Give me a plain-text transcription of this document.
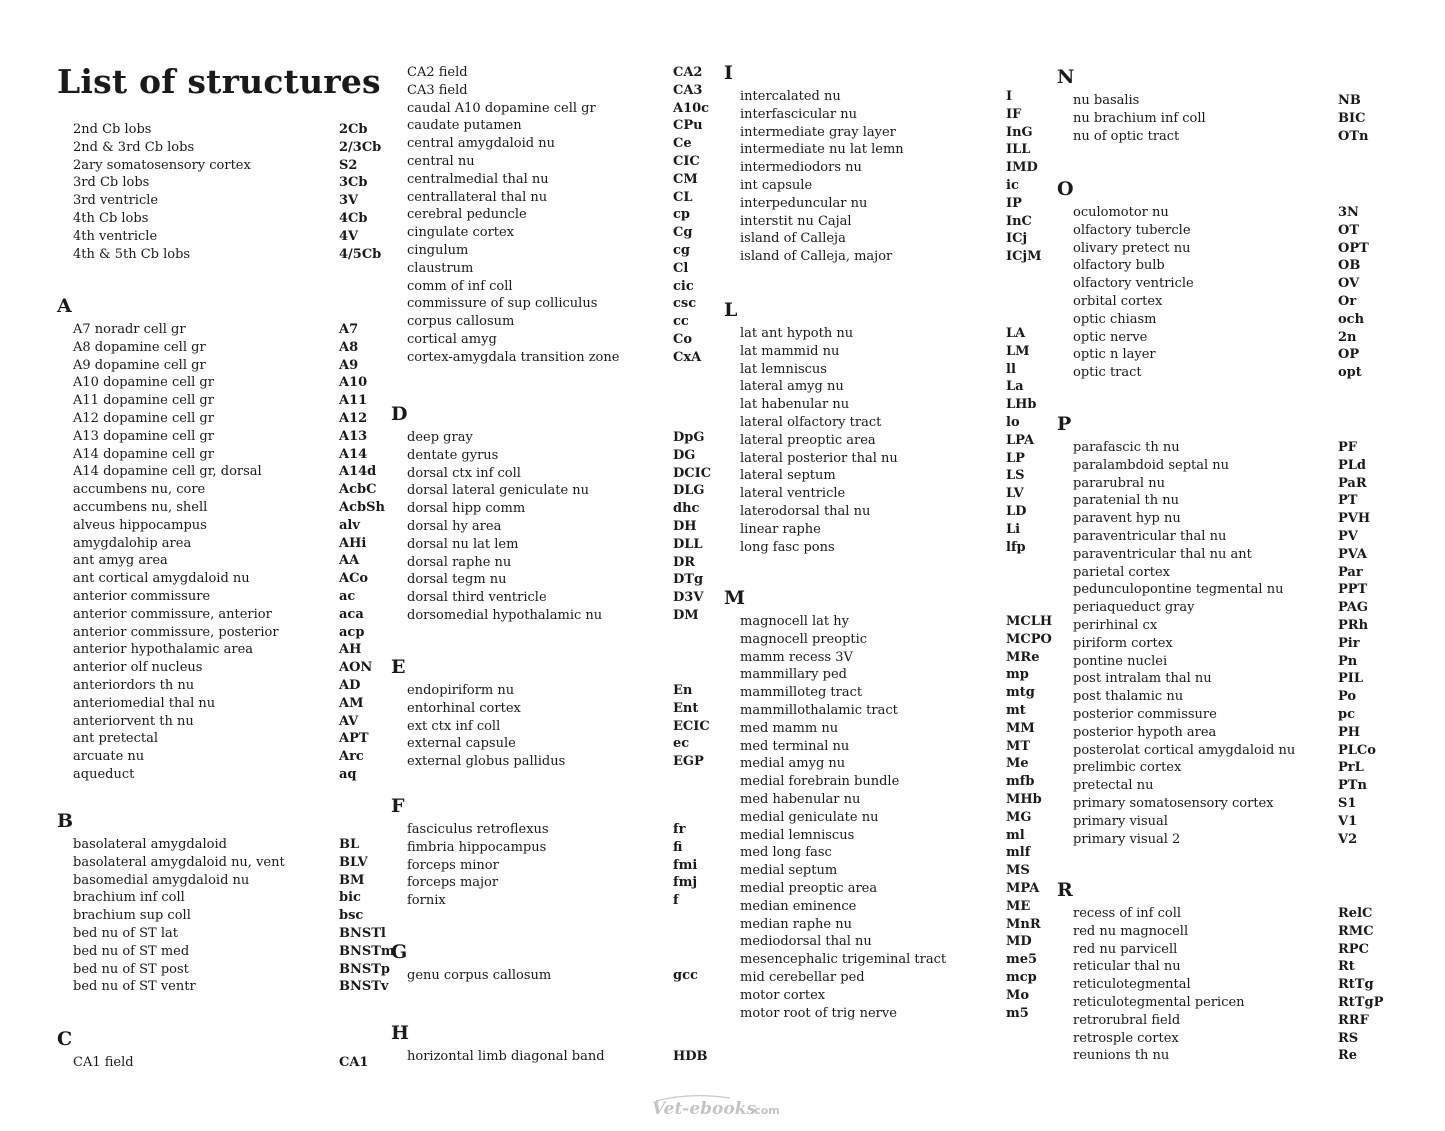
List of structures
2nd Cb lobs	2Cb
2nd & 3rd Cb lobs	2/3Cb
2ary somatosensory cortex	S2
3rd Cb lobs	3Cb
3rd ventricle	3V
4th Cb lobs	4Cb
4th ventricle	4V
4th & 5th Cb lobs	4/5Cb
A
A7 noradr cell gr	A7
A8 dopamine cell gr	A8
A9 dopamine cell gr	A9
A10 dopamine cell gr	A10
A11 dopamine cell gr	A11
A12 dopamine cell gr	A12
A13 dopamine cell gr	A13
A14 dopamine cell gr	A14
A14 dopamine cell gr, dorsal	A14d
accumbens nu, core	AcbC
accumbens nu, shell	AcbSh
alveus hippocampus	alv
amygdalohip area	AHi
ant amyg area	AA
ant cortical amygdaloid nu	ACo
anterior commissure	ac
anterior commissure, anterior	aca
anterior commissure, posterior	acp
anterior hypothalamic area	AH
anterior olf nucleus	AON
anteriordors th nu	AD
anteriomedial thal nu	AM
anteriorvent th nu	AV
ant pretectal	APT
arcuate nu	Arc
aqueduct	aq
B
basolateral amygdaloid	BL
basolateral amygdaloid nu, vent	BLV
basomedial amygdaloid nu	BM
brachium inf coll	bic
brachium sup coll	bsc
bed nu of ST lat	BNSTl
bed nu of ST med	BNSTm
bed nu of ST post	BNSTp
bed nu of ST ventr	BNSTv
C
CA1 field	CA1
CA2 field	CA2
CA3 field	CA3
caudal A10 dopamine cell gr	A10c
caudate putamen	CPu
central amygdaloid nu	Ce
central nu	CIC
centralmedial thal nu	CM
centrallateral thal nu	CL
cerebral peduncle	cp
cingulate cortex	Cg
cingulum	cg
claustrum	Cl
comm of inf coll	cic
commissure of sup colliculus	csc
corpus callosum	cc
cortical amyg	Co
cortex-amygdala transition zone	CxA
D
deep gray	DpG
dentate gyrus	DG
dorsal ctx inf coll	DCIC
dorsal lateral geniculate nu	DLG
dorsal hipp comm	dhc
dorsal hy area	DH
dorsal nu lat lem	DLL
dorsal raphe nu	DR
dorsal tegm nu	DTg
dorsal third ventricle	D3V
dorsomedial hypothalamic nu	DM
E
endopiriform nu	En
entorhinal cortex	Ent
ext ctx inf coll	ECIC
external capsule	ec
external globus pallidus	EGP
F
fasciculus retroflexus	fr
fimbria hippocampus	fi
forceps minor	fmi
forceps major	fmj
fornix	f
G
genu corpus callosum	gcc
H
horizontal limb diagonal band	HDB
I
intercalated nu	I
interfascicular nu	IF
intermediate gray layer	InG
intermediate nu lat lemn	ILL
intermediodors nu	IMD
int capsule	ic
interpeduncular nu	IP
interstit nu Cajal	InC
island of Calleja	ICj
island of Calleja, major	ICjM
L
lat ant hypoth nu	LA
lat mammid nu	LM
lat lemniscus	ll
lateral amyg nu	La
lat habenular nu	LHb
lateral olfactory tract	lo
lateral preoptic area	LPA
lateral posterior thal nu	LP
lateral septum	LS
lateral ventricle	LV
laterodorsal thal nu	LD
linear raphe	Li
long fasc pons	lfp
M
magnocell lat hy	MCLH
magnocell preoptic	MCPO
mamm recess 3V	MRe
mammillary ped	mp
mammilloteg tract	mtg
mammillothalamic tract	mt
med mamm nu	MM
med terminal nu	MT
medial amyg nu	Me
medial forebrain bundle	mfb
med habenular nu	MHb
medial geniculate nu	MG
medial lemniscus	ml
med long fasc	mlf
medial septum	MS
medial preoptic area	MPA
median eminence	ME
median raphe nu	MnR
mediodorsal thal nu	MD
mesencephalic trigeminal tract	me5
mid cerebellar ped	mcp
motor cortex	Mo
motor root of trig nerve	m5
N
nu basalis	NB
nu brachium inf coll	BIC
nu of optic tract	OTn
O
oculomotor nu	3N
olfactory tubercle	OT
olivary pretect nu	OPT
olfactory bulb	OB
olfactory ventricle	OV
orbital cortex	Or
optic chiasm	och
optic nerve	2n
optic n layer	OP
optic tract	opt
P
parafascic th nu	PF
paralambdoid septal nu	PLd
pararubral nu	PaR
paratenial th nu	PT
paravent hyp nu	PVH
paraventricular thal nu	PV
paraventricular thal nu ant	PVA
parietal cortex	Par
pedunculopontine tegmental nu	PPT
periaqueduct gray	PAG
perirhinal cx	PRh
piriform cortex	Pir
pontine nuclei	Pn
post intralam thal nu	PIL
post thalamic nu	Po
posterior commissure	pc
posterior hypoth area	PH
posterolat cortical amygdaloid nu	PLCo
prelimbic cortex	PrL
pretectal nu	PTn
primary somatosensory cortex	S1
primary visual	V1
primary visual 2	V2
R
recess of inf coll	RelC
red nu magnocell	RMC
red nu parvicell	RPC
reticular thal nu	Rt
reticulotegmental	RtTg
reticulotegmental pericen	RtTgP
retrorubral field	RRF
retrosple cortex	RS
reunions th nu	Re
Vet-ebooks
.com
